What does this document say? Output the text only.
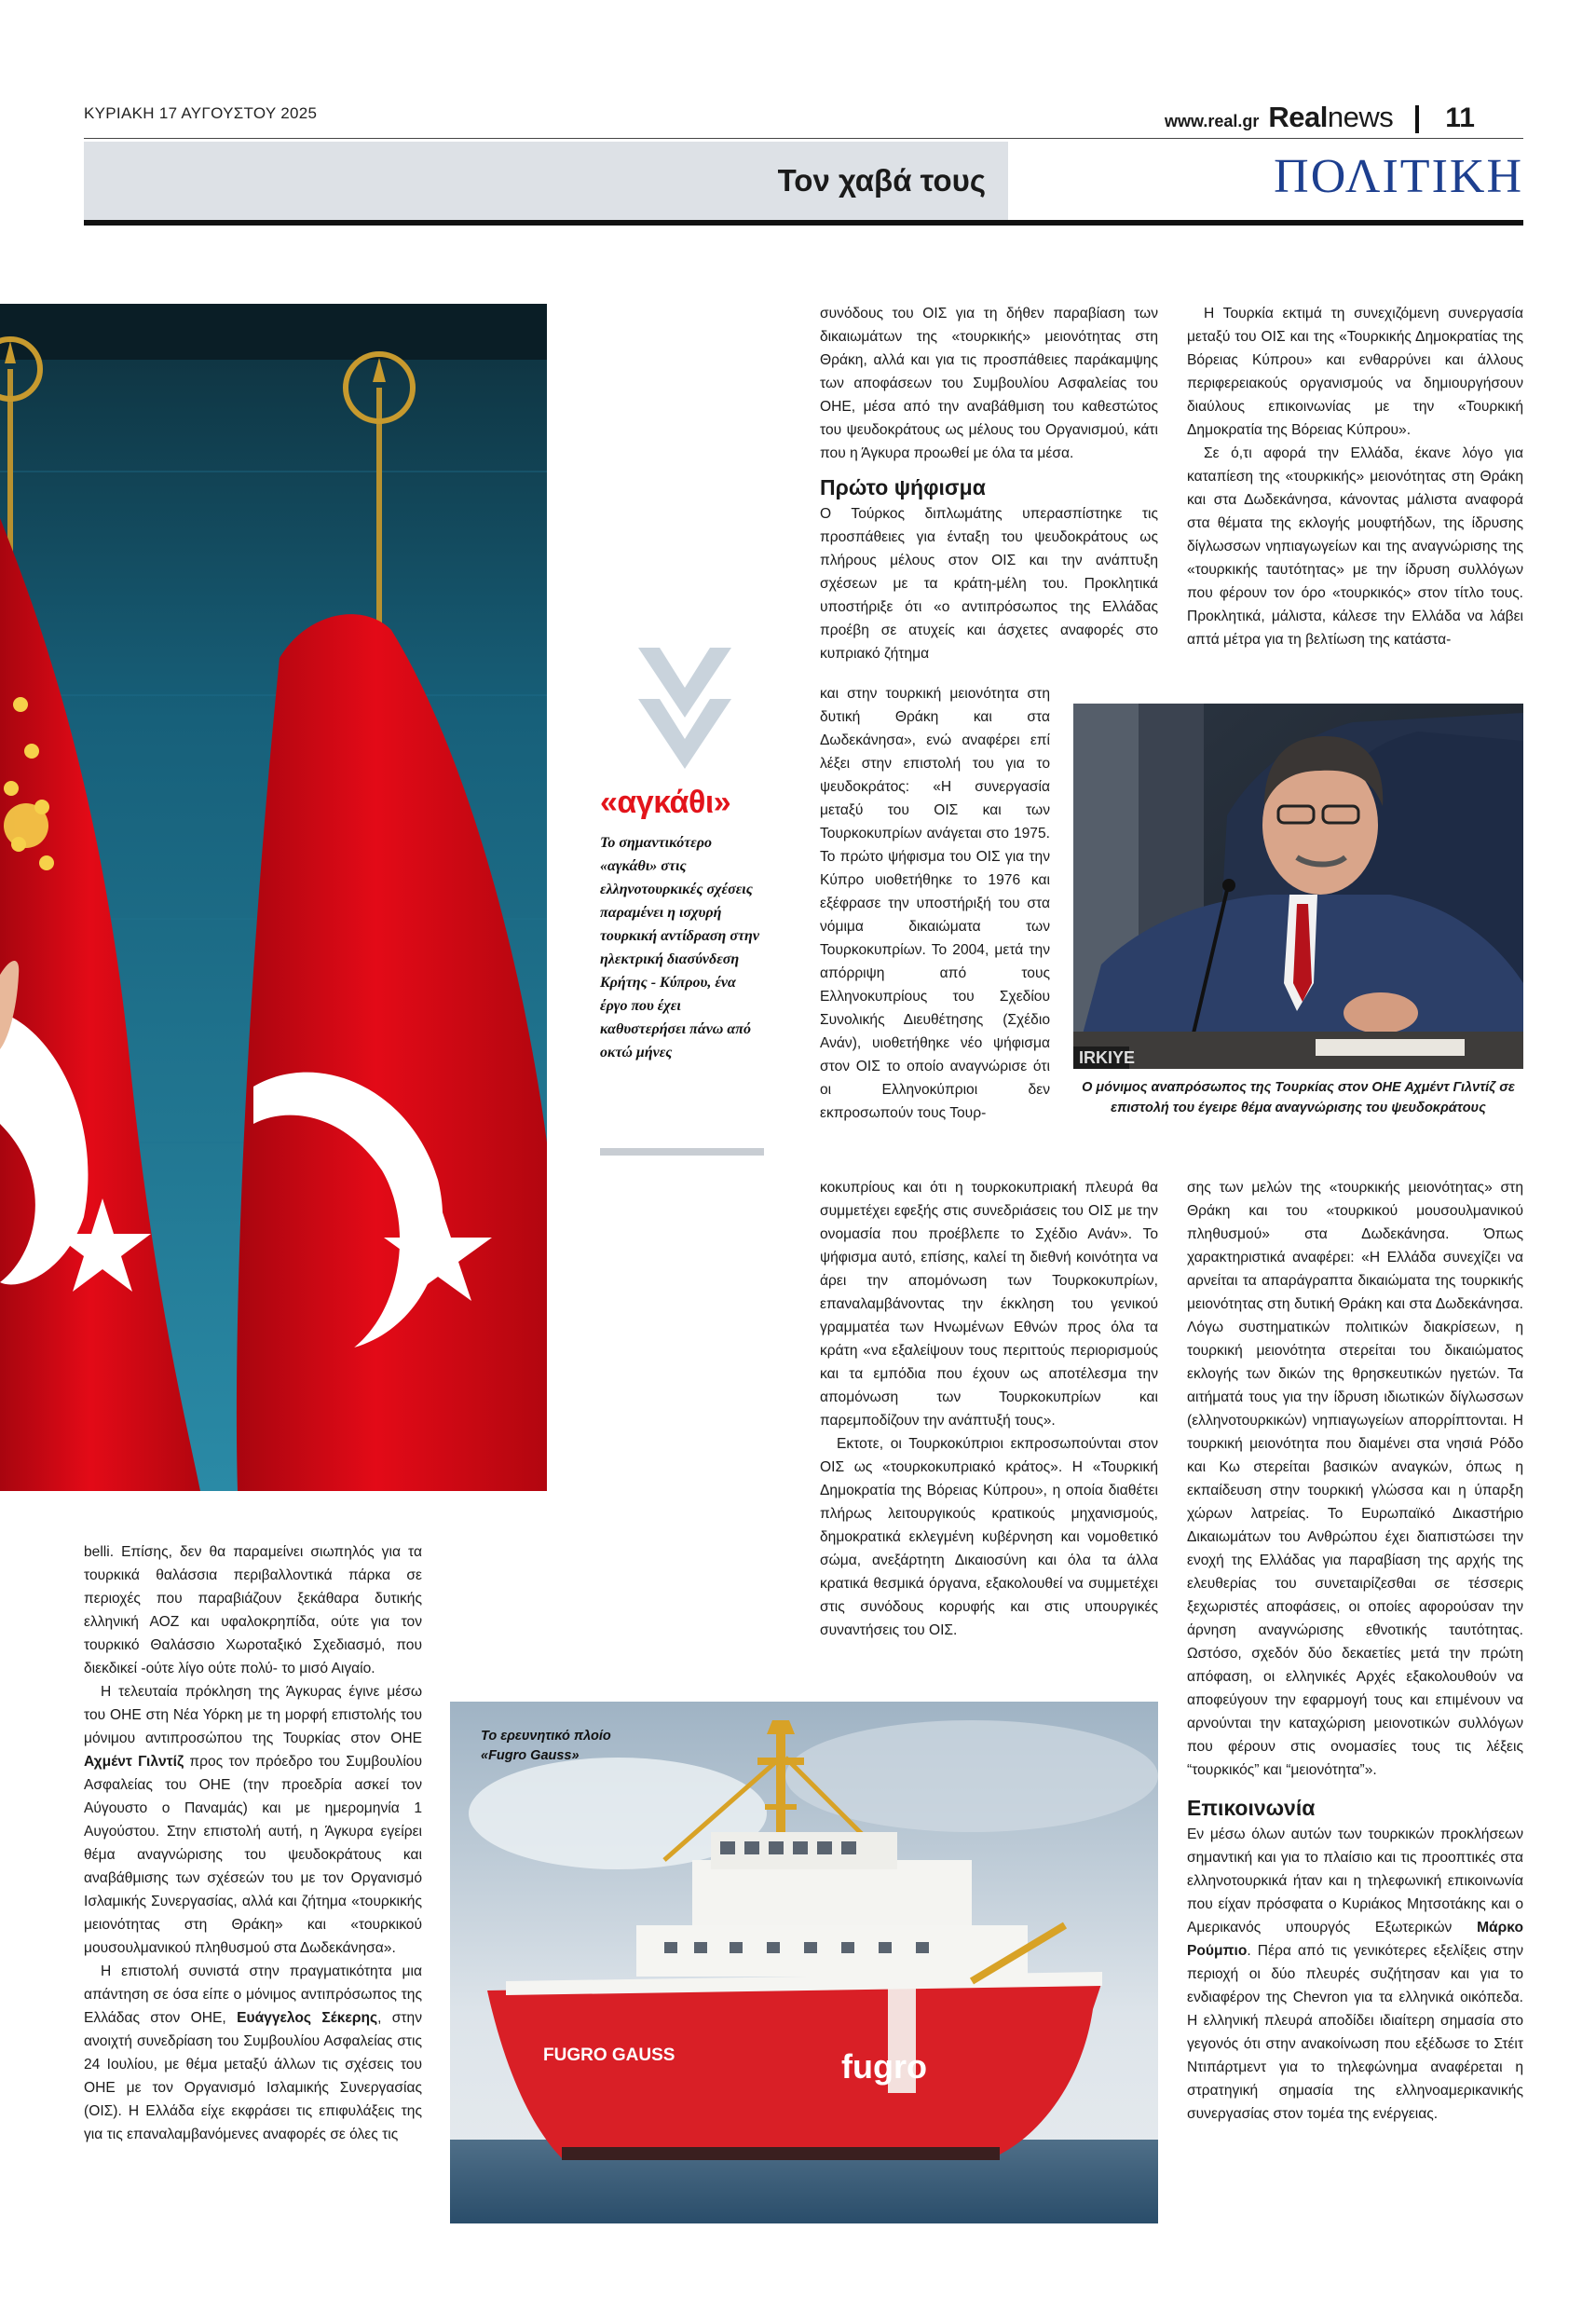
ΚΥΡΙΑΚΗ 17 ΑΥΓΟΥΣΤΟΥ 2025	www.real.gr Realnews 11
Τον χαβά τους	ΠΟΛΙΤΙΚΗ
«αγκάθι»
Το σημαντικότερο «αγκάθι» στις ελληνοτουρκικές σχέσεις παραμένει η ισχυρή τουρκική αντίδραση στην ηλεκτρική διασύνδεση Κρήτης - Κύπρου, ένα έργο που έχει καθυστερήσει πάνω από οκτώ μήνες	IRKIYE
Ο μόνιμος αναπρόσωπος της Τουρκίας στον ΟΗΕ Αχμέντ Γιλντίζ σε επιστολή του έγειρε θέμα αναγνώρισης του ψευδοκράτους
FUGRO GAUSS	fugro
Το ερευνητικό πλοίο
«Fugro Gauss»

belli. Επίσης, δεν θα παραμείνει σιωπηλός για τα τουρκικά θαλάσσια περιβαλλοντικά πάρκα σε περιοχές που παραβιάζουν ξεκάθαρα δυτικής ελληνική ΑΟΖ και υφαλοκρηπίδα, ούτε για τον τουρκικό Θαλάσσιο Χωροταξικό Σχεδιασμό, που διεκδικεί -ούτε λίγο ούτε πολύ- το μισό Αιγαίο.

Η τελευταία πρόκληση της Άγκυρας έγινε μέσω του ΟΗΕ στη Νέα Υόρκη με τη μορφή επιστολής του μόνιμου αντιπροσώπου της Τουρκίας στον ΟΗΕ Αχμέντ Γιλντίζ προς τον πρόεδρο του Συμβουλίου Ασφαλείας του ΟΗΕ (την προεδρία ασκεί τον Αύγουστο ο Παναμάς) και με ημερομηνία 1 Αυγούστου. Στην επιστολή αυτή, η Άγκυρα εγείρει θέμα αναγνώρισης του ψευδοκράτους και αναβάθμισης των σχέσεών του με τον Οργανισμό Ισλαμικής Συνεργασίας, αλλά και ζήτημα «τουρκικής μειονότητας στη Θράκη» και «τουρκικού μουσουλμανικού πληθυσμού στα Δωδεκάνησα».

Η επιστολή συνιστά στην πραγματικότητα μια απάντηση σε όσα είπε ο μόνιμος αντιπρόσωπος της Ελλάδας στον ΟΗΕ, Ευάγγελος Σέκερης, στην ανοιχτή συνεδρίαση του Συμβουλίου Ασφαλείας στις 24 Ιουλίου, με θέμα μεταξύ άλλων τις σχέσεις του ΟΗΕ με τον Οργανισμό Ισλαμικής Συνεργασίας (ΟΙΣ). Η Ελλάδα είχε εκφράσει τις επιφυλάξεις της για τις επαναλαμβανόμενες αναφορές σε όλες τις

συνόδους του ΟΙΣ για τη δήθεν παραβίαση των δικαιωμάτων της «τουρκικής» μειονότητας στη Θράκη, αλλά και για τις προσπάθειες παράκαμψης των αποφάσεων του Συμβουλίου Ασφαλείας του ΟΗΕ, μέσα από την αναβάθμιση του καθεστώτος του ψευδοκράτους ως μέλους του Οργανισμού, κάτι που η Άγκυρα προωθεί με όλα τα μέσα.

Πρώτο ψήφισμα

Ο Τούρκος διπλωμάτης υπερασπίστηκε τις προσπάθειες για ένταξη του ψευδοκράτους ως πλήρους μέλους στον ΟΙΣ και την ανάπτυξη σχέσεων με τα κράτη-μέλη του. Προκλητικά υποστήριξε ότι «ο αντιπρόσωπος της Ελλάδας προέβη σε ατυχείς και άσχετες αναφορές στο κυπριακό ζήτημα

και στην τουρκική μειονότητα στη δυτική Θράκη και στα Δωδεκάνησα», ενώ αναφέρει επί λέξει στην επιστολή του για το ψευδοκράτος: «Η συνεργασία μεταξύ του ΟΙΣ και των Τουρκοκυπρίων ανάγεται στο 1975. Το πρώτο ψήφισμα του ΟΙΣ για την Κύπρο υιοθετήθηκε το 1976 και εξέφρασε την υποστήριξή του στα νόμιμα δικαιώματα των Τουρκοκυπρίων. Το 2004, μετά την απόρριψη από τους Ελληνοκυπρίους του Σχεδίου Συνολικής Διευθέτησης (Σχέδιο Ανάν), υιοθετήθηκε νέο ψήφισμα στον ΟΙΣ το οποίο αναγνώρισε ότι οι Ελληνοκύπριοι δεν εκπροσωπούν τους Τουρ-

κοκυπρίους και ότι η τουρκοκυπριακή πλευρά θα συμμετέχει εφεξής στις συνεδριάσεις του ΟΙΣ με την ονομασία που προέβλεπε το Σχέδιο Ανάν». Το ψήφισμα αυτό, επίσης, καλεί τη διεθνή κοινότητα να άρει την απομόνωση των Τουρκοκυπρίων, επαναλαμβάνοντας την έκκληση του γενικού γραμματέα των Ηνωμένων Εθνών προς όλα τα κράτη «να εξαλείψουν τους περιττούς περιορισμούς και τα εμπόδια που έχουν ως αποτέλεσμα την απομόνωση των Τουρκοκυπρίων και παρεμποδίζουν την ανάπτυξή τους».

Εκτοτε, οι Τουρκοκύπριοι εκπροσωπούνται στον ΟΙΣ ως «τουρκοκυπριακό κράτος». Η «Τουρκική Δημοκρατία της Βόρειας Κύπρου», η οποία διαθέτει πλήρως λειτουργικούς κρατικούς μηχανισμούς, δημοκρατικά εκλεγμένη κυβέρνηση και νομοθετικό σώμα, ανεξάρτητη Δικαιοσύνη και όλα τα άλλα κρατικά θεσμικά όργανα, εξακολουθεί να συμμετέχει στις συνόδους κορυφής και στις υπουργικές συναντήσεις του ΟΙΣ.

Η Τουρκία εκτιμά τη συνεχιζόμενη συνεργασία μεταξύ του ΟΙΣ και της «Τουρκικής Δημοκρατίας της Βόρειας Κύπρου» και ενθαρρύνει και άλλους περιφερειακούς οργανισμούς να δημιουργήσουν διαύλους επικοινωνίας με την «Τουρκική Δημοκρατία της Βόρειας Κύπρου».

Σε ό,τι αφορά την Ελλάδα, έκανε λόγο για καταπίεση της «τουρκικής» μειονότητας στη Θράκη και στα Δωδεκάνησα, κάνοντας μάλιστα αναφορά στα θέματα της εκλογής μουφτήδων, της ίδρυσης δίγλωσσων νηπιαγωγείων και της αναγνώρισης της «τουρκικής ταυτότητας» με την ίδρυση συλλόγων που φέρουν τον όρο «τουρκικός» στον τίτλο τους. Προκλητικά, μάλιστα, κάλεσε την Ελλάδα να λάβει απτά μέτρα για τη βελτίωση της κατάστα-

σης των μελών της «τουρκικής μειονότητας» στη Θράκη και του «τουρκικού μουσουλμανικού πληθυσμού» στα Δωδεκάνησα. Όπως χαρακτηριστικά αναφέρει: «Η Ελλάδα συνεχίζει να αρνείται τα απαράγραπτα δικαιώματα της τουρκικής μειονότητας στη δυτική Θράκη και στα Δωδεκάνησα. Λόγω συστηματικών πολιτικών διακρίσεων, η τουρκική μειονότητα στερείται του δικαιώματος εκλογής των δικών της θρησκευτικών ηγετών. Τα αιτήματά τους για την ίδρυση ιδιωτικών δίγλωσσων (ελληνοτουρκικών) νηπιαγωγείων απορρίπτονται. Η τουρκική μειονότητα που διαμένει στα νησιά Ρόδο και Κω στερείται βασικών αναγκών, όπως η εκπαίδευση στην τουρκική γλώσσα και η ύπαρξη χώρων λατρείας. Το Ευρωπαϊκό Δικαστήριο Δικαιωμάτων του Ανθρώπου έχει διαπιστώσει την ενοχή της Ελλάδας για παραβίαση της αρχής της ελευθερίας του συνεταιρίζεσθαι σε τέσσερις ξεχωριστές αποφάσεις, οι οποίες αφορούσαν την άρνηση αναγνώρισης εθνοτικής ταυτότητας. Ωστόσο, σχεδόν δύο δεκαετίες μετά την πρώτη απόφαση, οι ελληνικές Αρχές εξακολουθούν να αποφεύγουν την εφαρμογή τους και επιμένουν να αρνούνται την καταχώριση μειονοτικών συλλόγων που φέρουν στις ονομασίες τους τις λέξεις “τουρκικός” και “μειονότητα”».

Επικοινωνία

Εν μέσω όλων αυτών των τουρκικών προκλήσεων σημαντική και για το πλαίσιο και τις προοπτικές στα ελληνοτουρκικά ήταν και η τηλεφωνική επικοινωνία που είχαν πρόσφατα ο Κυριάκος Μητσοτάκης και ο Αμερικανός υπουργός Εξωτερικών Μάρκο Ρούμπιο. Πέρα από τις γενικότερες εξελίξεις στην περιοχή οι δύο πλευρές συζήτησαν και για το ενδιαφέρον της Chevron για τα ελληνικά οικόπεδα. Η ελληνική πλευρά αποδίδει ιδιαίτερη σημασία στο γεγονός ότι στην ανακοίνωση που εξέδωσε το Στέιτ Ντιπάρτμεντ για το τηλεφώνημα αναφέρεται η στρατηγική σημασία της ελληνοαμερικανικής συνεργασίας στον τομέα της ενέργειας.
